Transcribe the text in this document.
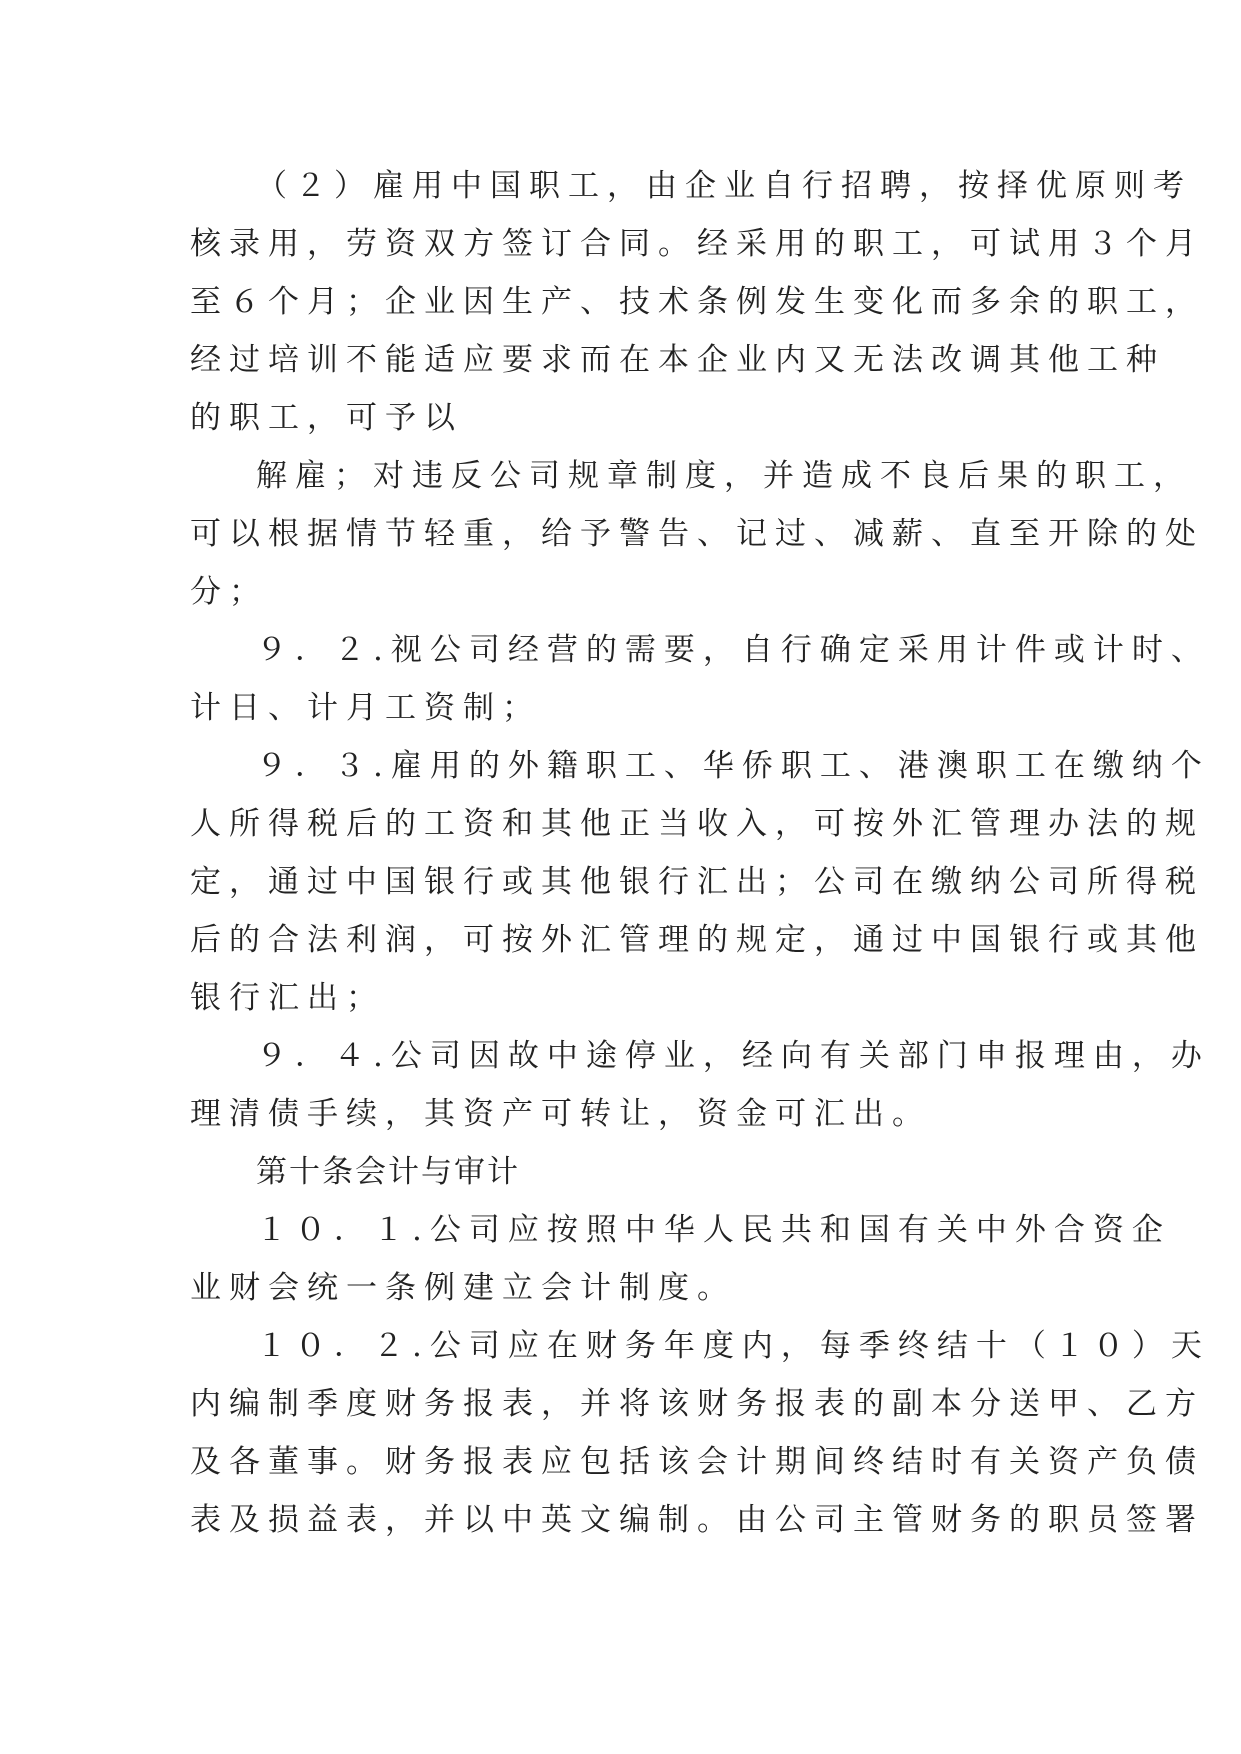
（２）雇用中国职工，由企业自行招聘，按择优原则考
核录用，劳资双方签订合同。经采用的职工，可试用３个月
至６个月；企业因生产、技术条例发生变化而多余的职工，
经过培训不能适应要求而在本企业内又无法改调其他工种
的职工，可予以
解雇；对违反公司规章制度，并造成不良后果的职工，
可以根据情节轻重，给予警告、记过、减薪、直至开除的处
分；
９．２.视公司经营的需要，自行确定采用计件或计时、
计日、计月工资制；
９．３.雇用的外籍职工、华侨职工、港澳职工在缴纳个
人所得税后的工资和其他正当收入，可按外汇管理办法的规
定，通过中国银行或其他银行汇出；公司在缴纳公司所得税
后的合法利润，可按外汇管理的规定，通过中国银行或其他
银行汇出；
９．４.公司因故中途停业，经向有关部门申报理由，办
理清债手续，其资产可转让，资金可汇出。
第十条会计与审计
１０．１.公司应按照中华人民共和国有关中外合资企
业财会统一条例建立会计制度。
１０．２.公司应在财务年度内，每季终结十（１０）天
内编制季度财务报表，并将该财务报表的副本分送甲、乙方
及各董事。财务报表应包括该会计期间终结时有关资产负债
表及损益表，并以中英文编制。由公司主管财务的职员签署
